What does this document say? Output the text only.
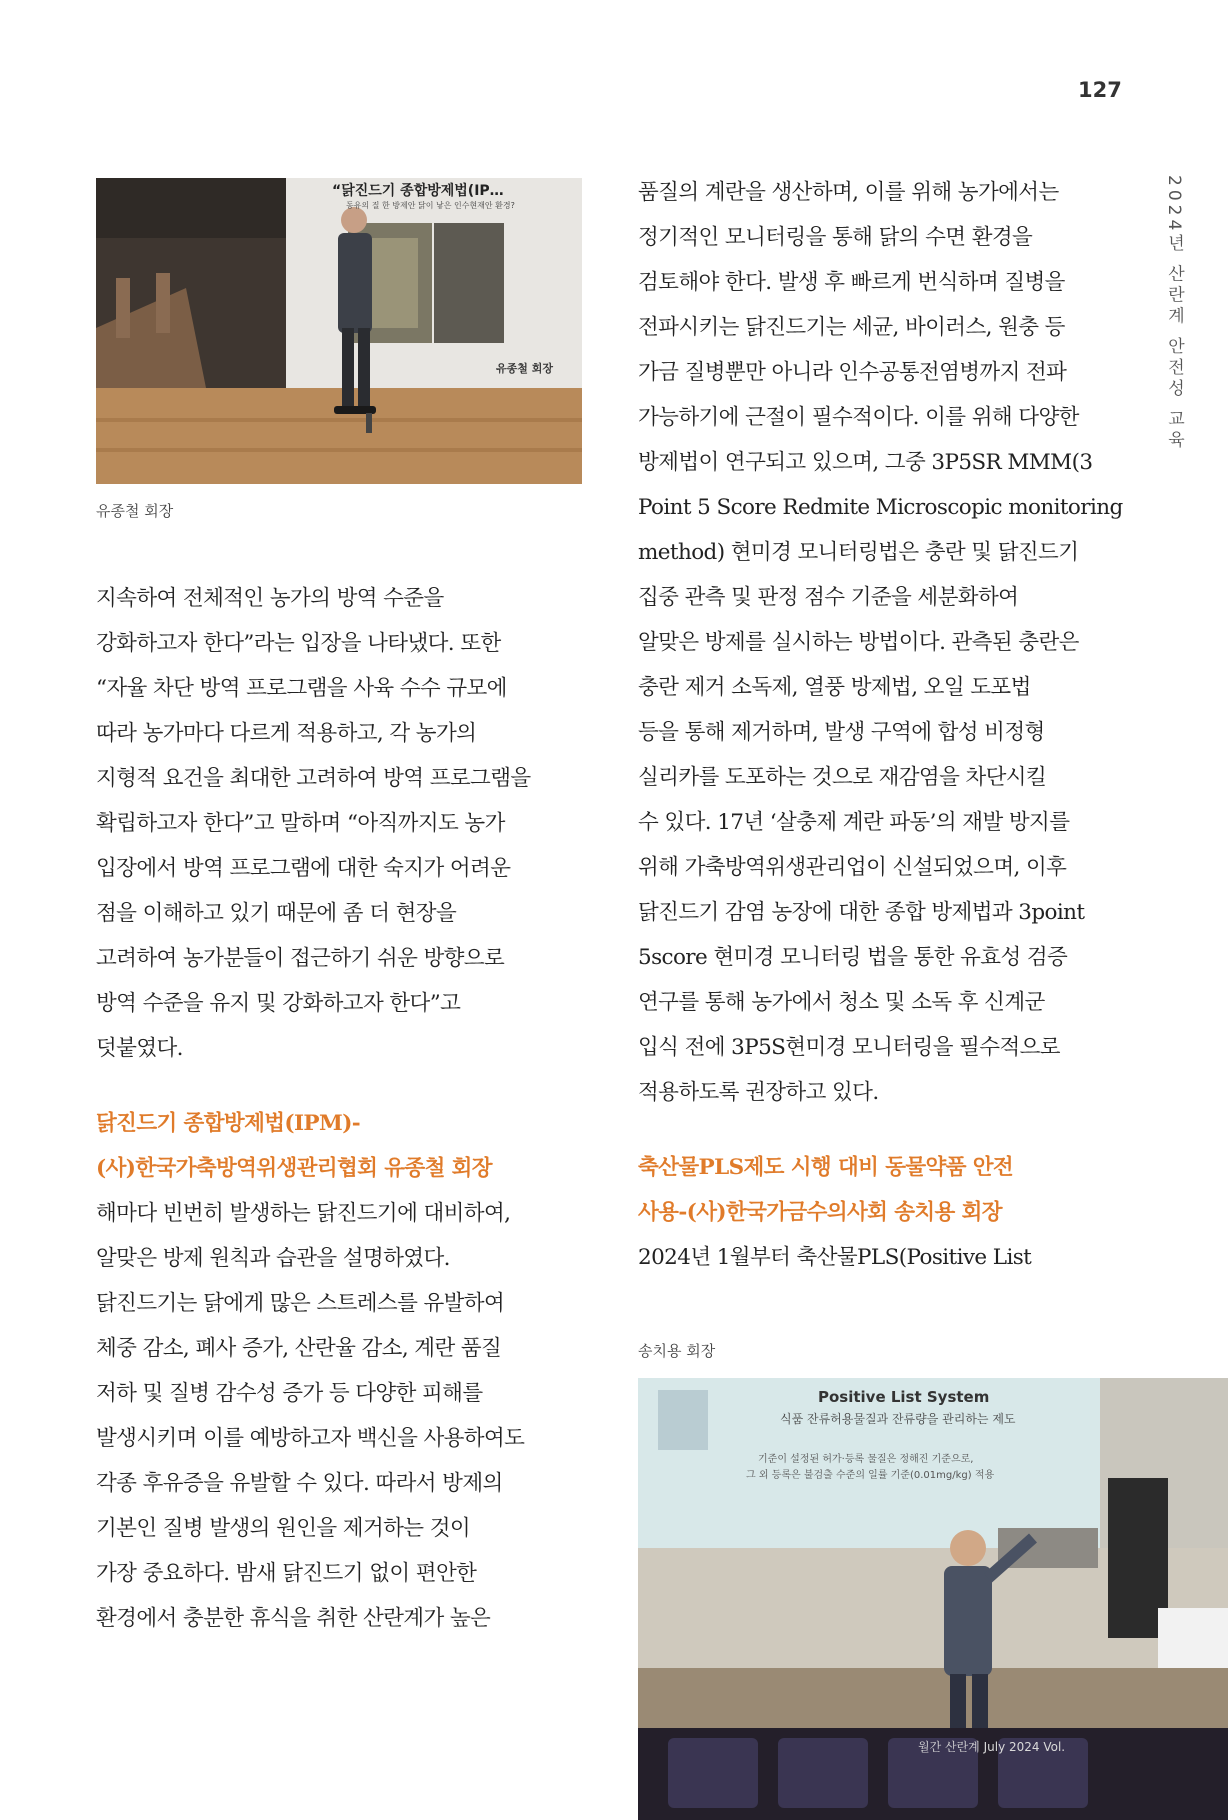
127
2024년 산란계 안전성 교육
“닭진드기 종합방제법(IP…
동유의 질 한 방제안 닭이 낳은 인수현재안 환경?
유종철 회장
유종철 회장

지속하여 전체적인 농가의 방역 수준을

강화하고자 한다”라는 입장을 나타냈다. 또한

“자율 차단 방역 프로그램을 사육 수수 규모에

따라 농가마다 다르게 적용하고, 각 농가의

지형적 요건을 최대한 고려하여 방역 프로그램을

확립하고자 한다”고 말하며 “아직까지도 농가

입장에서 방역 프로그램에 대한 숙지가 어려운

점을 이해하고 있기 때문에 좀 더 현장을

고려하여 농가분들이 접근하기 쉬운 방향으로

방역 수준을 유지 및 강화하고자 한다”고

덧붙였다.

닭진드기 종합방제법(IPM)-

(사)한국가축방역위생관리협회 유종철 회장

해마다 빈번히 발생하는 닭진드기에 대비하여,

알맞은 방제 원칙과 습관을 설명하였다.

닭진드기는 닭에게 많은 스트레스를 유발하여

체중 감소, 폐사 증가, 산란율 감소, 계란 품질

저하 및 질병 감수성 증가 등 다양한 피해를

발생시키며 이를 예방하고자 백신을 사용하여도

각종 후유증을 유발할 수 있다. 따라서 방제의

기본인 질병 발생의 원인을 제거하는 것이

가장 중요하다. 밤새 닭진드기 없이 편안한

환경에서 충분한 휴식을 취한 산란계가 높은

품질의 계란을 생산하며, 이를 위해 농가에서는

정기적인 모니터링을 통해 닭의 수면 환경을

검토해야 한다. 발생 후 빠르게 번식하며 질병을

전파시키는 닭진드기는 세균, 바이러스, 원충 등

가금 질병뿐만 아니라 인수공통전염병까지 전파

가능하기에 근절이 필수적이다. 이를 위해 다양한

방제법이 연구되고 있으며, 그중 3P5SR MMM(3

Point 5 Score Redmite Microscopic monitoring

method) 현미경 모니터링법은 충란 및 닭진드기

집중 관측 및 판정 점수 기준을 세분화하여

알맞은 방제를 실시하는 방법이다. 관측된 충란은

충란 제거 소독제, 열풍 방제법, 오일 도포법

등을 통해 제거하며, 발생 구역에 합성 비정형

실리카를 도포하는 것으로 재감염을 차단시킬

수 있다. 17년 ‘살충제 계란 파동’의 재발 방지를

위해 가축방역위생관리업이 신설되었으며, 이후

닭진드기 감염 농장에 대한 종합 방제법과 3point

5score 현미경 모니터링 법을 통한 유효성 검증

연구를 통해 농가에서 청소 및 소독 후 신계군

입식 전에 3P5S현미경 모니터링을 필수적으로

적용하도록 권장하고 있다.

축산물PLS제도 시행 대비 동물약품 안전

사용-(사)한국가금수의사회 송치용 회장

2024년 1월부터 축산물PLS(Positive List

송치용 회장
Positive List System
식품 잔류허용물질과 잔류량을 관리하는 제도
기준이 설정된 허가·등록 물질은 정해진 기준으로,
그 외 등록은 불검출 수준의 일률 기준(0.01mg/kg) 적용
월간 산란계 July 2024 Vol.
